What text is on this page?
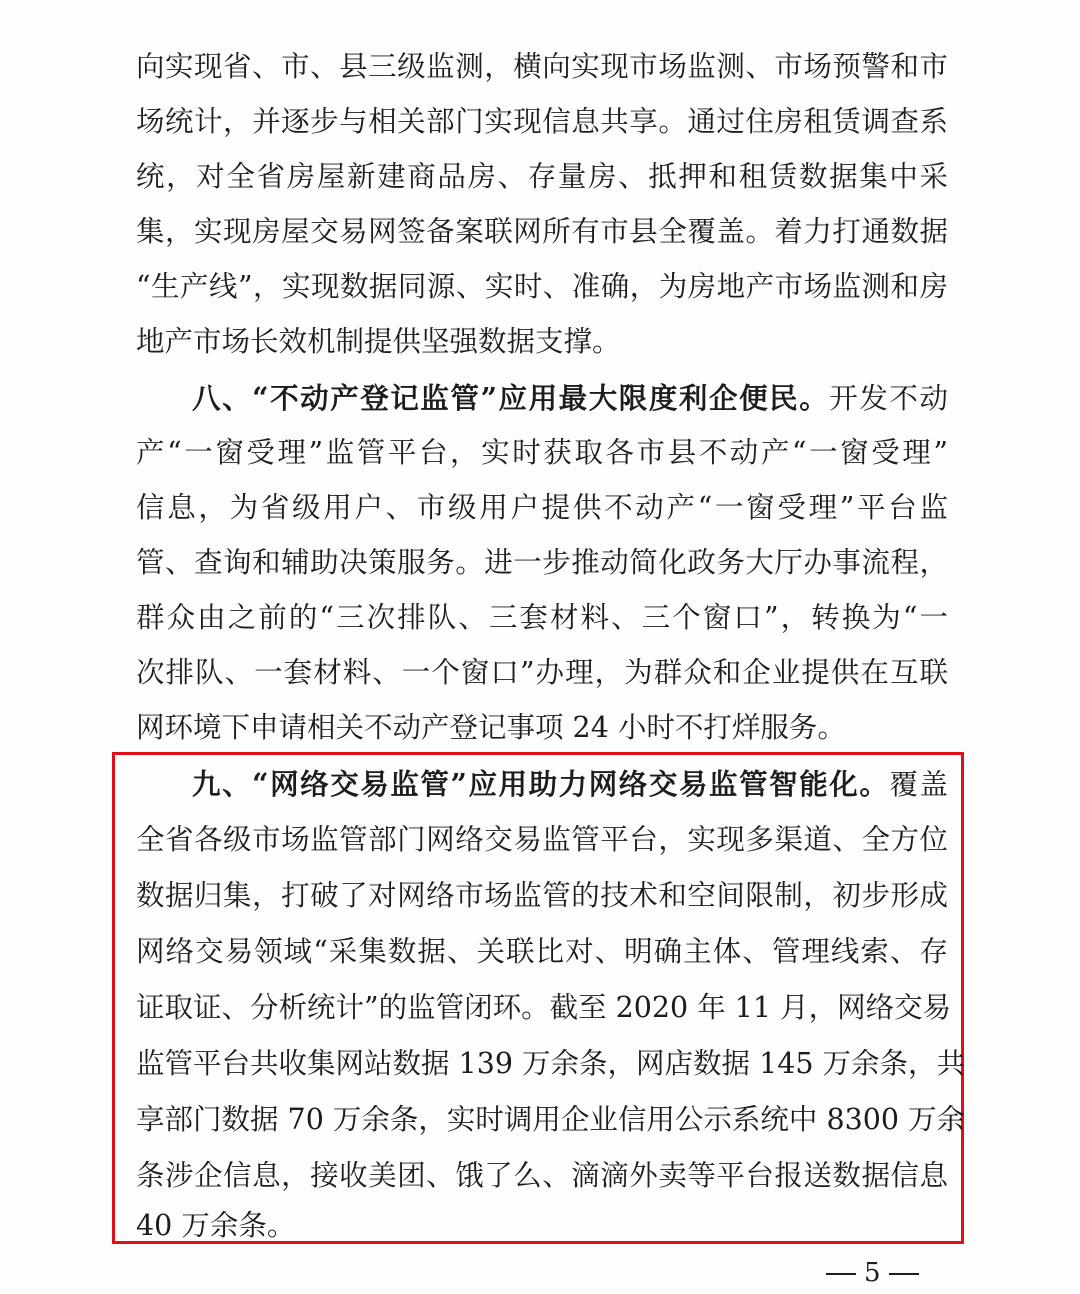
向实现省、市、县三级监测，横向实现市场监测、市场预警和市
场统计，并逐步与相关部门实现信息共享。通过住房租赁调查系
统，对全省房屋新建商品房、存量房、抵押和租赁数据集中采
集，实现房屋交易网签备案联网所有市县全覆盖。着力打通数据
“生产线”，实现数据同源、实时、准确，为房地产市场监测和房
地产市场长效机制提供坚强数据支撑。
八、“不动产登记监管”应用最大限度利企便民。开发不动
产“一窗受理”监管平台，实时获取各市县不动产“一窗受理”
信息，为省级用户、市级用户提供不动产“一窗受理”平台监
管、查询和辅助决策服务。进一步推动简化政务大厅办事流程，
群众由之前的“三次排队、三套材料、三个窗口”，转换为“一
次排队、一套材料、一个窗口”办理，为群众和企业提供在互联
网环境下申请相关不动产登记事项 24 小时不打烊服务。
九、“网络交易监管”应用助力网络交易监管智能化。覆盖
全省各级市场监管部门网络交易监管平台，实现多渠道、全方位
数据归集，打破了对网络市场监管的技术和空间限制，初步形成
网络交易领域“采集数据、关联比对、明确主体、管理线索、存
证取证、分析统计”的监管闭环。截至 2020 年 11 月，网络交易
监管平台共收集网站数据 139 万余条，网店数据 145 万余条，共
享部门数据 70 万余条，实时调用企业信用公示系统中 8300 万余
条涉企信息，接收美团、饿了么、滴滴外卖等平台报送数据信息
40 万余条。
5
